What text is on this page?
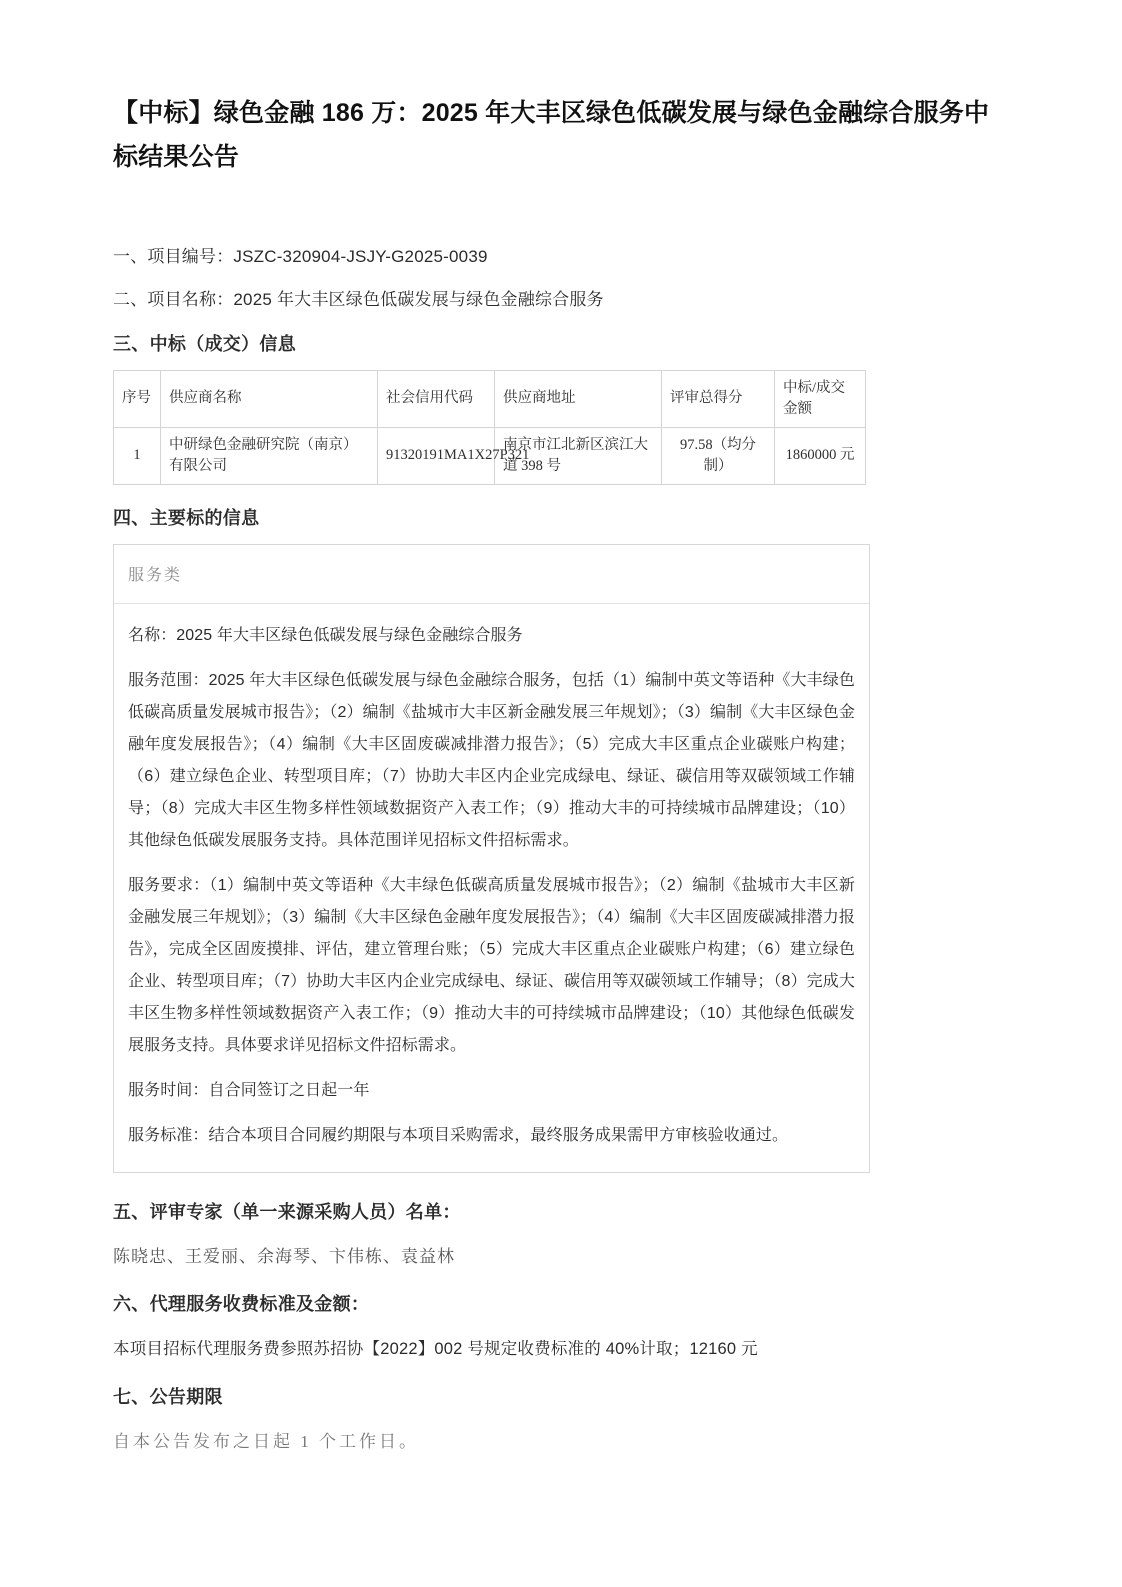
【中标】绿色金融 186 万：2025 年大丰区绿色低碳发展与绿色金融综合服务中标结果公告

一、项目编号：JSZC-320904-JSJY-G2025-0039

二、项目名称：2025 年大丰区绿色低碳发展与绿色金融综合服务

三、中标（成交）信息
序号	供应商名称	社会信用代码	供应商地址	评审总得分	中标/成交金额
1	中研绿色金融研究院（南京）有限公司	91320191MA1X27P321	南京市江北新区滨江大道 398 号	97.58（均分制）	1860000 元
四、主要标的信息
服务类

名称：2025 年大丰区绿色低碳发展与绿色金融综合服务

服务范围：2025 年大丰区绿色低碳发展与绿色金融综合服务，包括（1）编制中英文等语种《大丰绿色低碳高质量发展城市报告》；（2）编制《盐城市大丰区新金融发展三年规划》；（3）编制《大丰区绿色金融年度发展报告》；（4）编制《大丰区固废碳减排潜力报告》；（5）完成大丰区重点企业碳账户构建；（6）建立绿色企业、转型项目库；（7）协助大丰区内企业完成绿电、绿证、碳信用等双碳领域工作辅导；（8）完成大丰区生物多样性领域数据资产入表工作；（9）推动大丰的可持续城市品牌建设；（10）其他绿色低碳发展服务支持。具体范围详见招标文件招标需求。

服务要求：（1）编制中英文等语种《大丰绿色低碳高质量发展城市报告》；（2）编制《盐城市大丰区新金融发展三年规划》；（3）编制《大丰区绿色金融年度发展报告》；（4）编制《大丰区固废碳减排潜力报告》，完成全区固废摸排、评估，建立管理台账；（5）完成大丰区重点企业碳账户构建；（6）建立绿色企业、转型项目库；（7）协助大丰区内企业完成绿电、绿证、碳信用等双碳领域工作辅导；（8）完成大丰区生物多样性领域数据资产入表工作；（9）推动大丰的可持续城市品牌建设；（10）其他绿色低碳发展服务支持。具体要求详见招标文件招标需求。

服务时间：自合同签订之日起一年

服务标准：结合本项目合同履约期限与本项目采购需求，最终服务成果需甲方审核验收通过。

五、评审专家（单一来源采购人员）名单：

陈晓忠、王爱丽、余海琴、卞伟栋、袁益林

六、代理服务收费标准及金额：

本项目招标代理服务费参照苏招协【2022】002 号规定收费标准的 40%计取；12160 元

七、公告期限

自本公告发布之日起 1 个工作日。
